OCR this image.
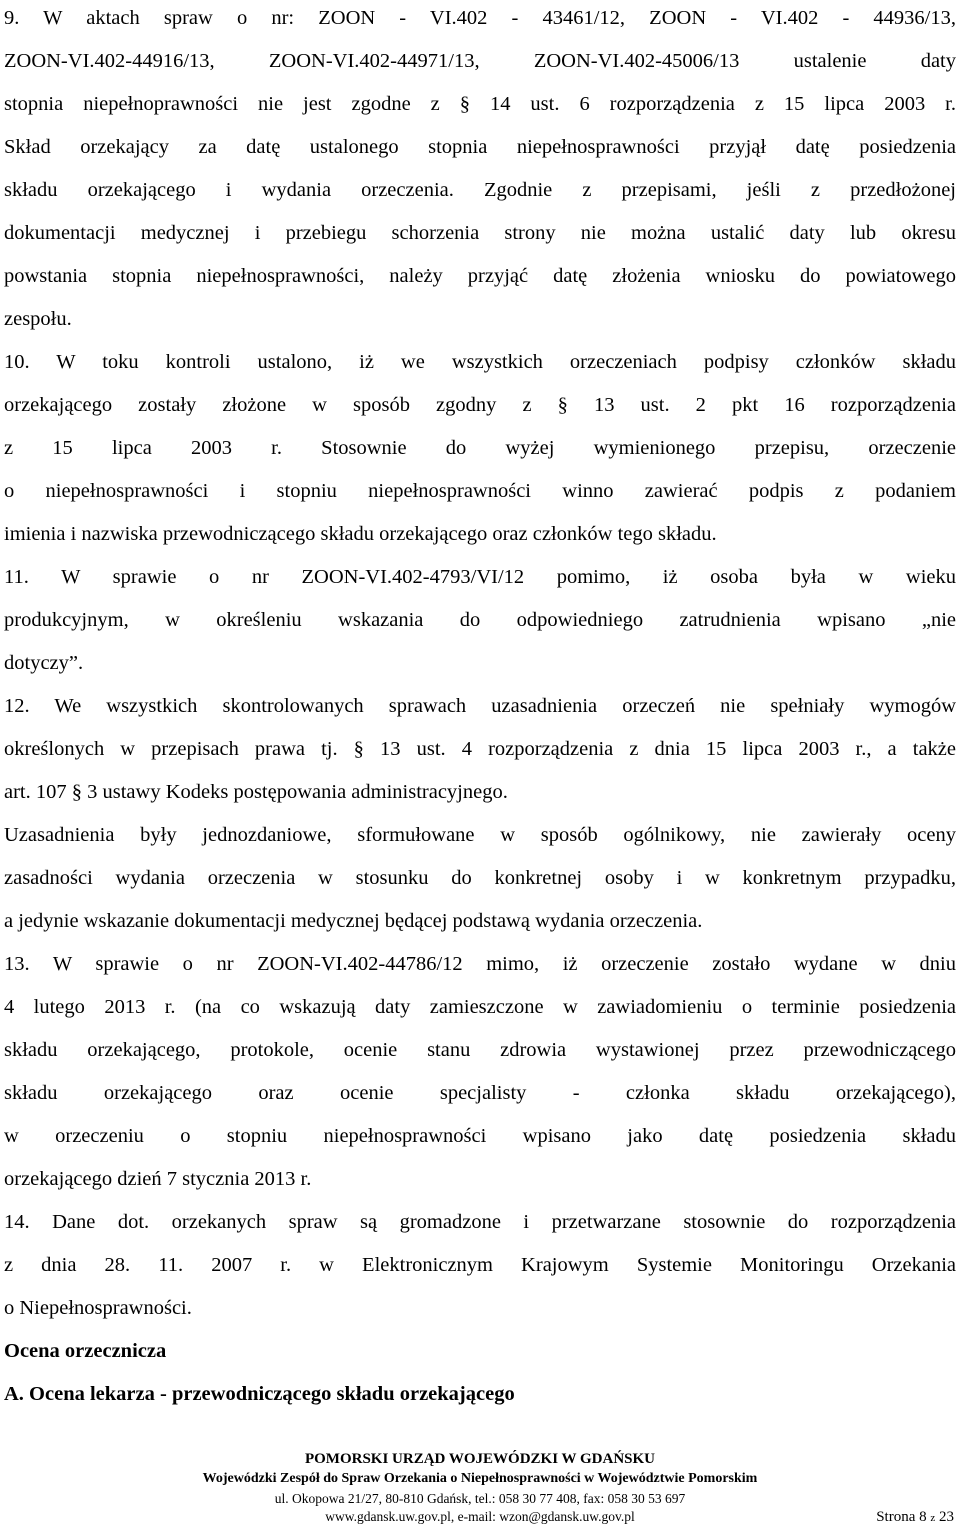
9. W aktach spraw o nr: ZOON - VI.402 - 43461/12, ZOON - VI.402 - 44936/13,
ZOON-VI.402-44916/13, ZOON-VI.402-44971/13, ZOON-VI.402-45006/13 ustalenie daty
stopnia niepełnoprawności nie jest zgodne z § 14 ust. 6 rozporządzenia z 15 lipca 2003 r.
Skład orzekający za datę ustalonego stopnia niepełnosprawności przyjął datę posiedzenia
składu orzekającego i wydania orzeczenia. Zgodnie z przepisami, jeśli z przedłożonej
dokumentacji medycznej i przebiegu schorzenia strony nie można ustalić daty lub okresu
powstania stopnia niepełnosprawności, należy przyjąć datę złożenia wniosku do powiatowego
zespołu.
10. W toku kontroli ustalono, iż we wszystkich orzeczeniach podpisy członków składu
orzekającego zostały złożone w sposób zgodny z § 13 ust. 2 pkt 16 rozporządzenia
z 15 lipca 2003 r. Stosownie do wyżej wymienionego przepisu, orzeczenie
o niepełnosprawności i stopniu niepełnosprawności winno zawierać podpis z podaniem
imienia i nazwiska przewodniczącego składu orzekającego oraz członków tego składu.
11. W sprawie o nr ZOON-VI.402-4793/VI/12 pomimo, iż osoba była w wieku
produkcyjnym, w określeniu wskazania do odpowiedniego zatrudnienia wpisano „nie
dotyczy”.
12. We wszystkich skontrolowanych sprawach uzasadnienia orzeczeń nie spełniały wymogów
określonych w przepisach prawa tj. § 13 ust. 4 rozporządzenia z dnia 15 lipca 2003 r., a także
art. 107 § 3 ustawy Kodeks postępowania administracyjnego.
Uzasadnienia były jednozdaniowe, sformułowane w sposób ogólnikowy, nie zawierały oceny
zasadności wydania orzeczenia w stosunku do konkretnej osoby i w konkretnym przypadku,
a jedynie wskazanie dokumentacji medycznej będącej podstawą wydania orzeczenia.
13. W sprawie o nr ZOON-VI.402-44786/12 mimo, iż orzeczenie zostało wydane w dniu
4 lutego 2013 r. (na co wskazują daty zamieszczone w zawiadomieniu o terminie posiedzenia
składu orzekającego, protokole, ocenie stanu zdrowia wystawionej przez przewodniczącego
składu orzekającego oraz ocenie specjalisty - członka składu orzekającego),
w orzeczeniu o stopniu niepełnosprawności wpisano jako datę posiedzenia składu
orzekającego dzień 7 stycznia 2013 r.
14. Dane dot. orzekanych spraw są gromadzone i przetwarzane stosownie do rozporządzenia
z dnia 28. 11. 2007 r. w Elektronicznym Krajowym Systemie Monitoringu Orzekania
o Niepełnosprawności.
Ocena orzecznicza
A. Ocena lekarza - przewodniczącego składu orzekającego
POMORSKI URZĄD WOJEWÓDZKI W GDAŃSKU
Wojewódzki Zespół do Spraw Orzekania o Niepełnosprawności w Województwie Pomorskim
ul. Okopowa 21/27, 80-810 Gdańsk, tel.: 058 30 77 408, fax: 058 30 53 697
www.gdansk.uw.gov.pl, e-mail: wzon@gdansk.uw.gov.pl	Strona 8 z 23
